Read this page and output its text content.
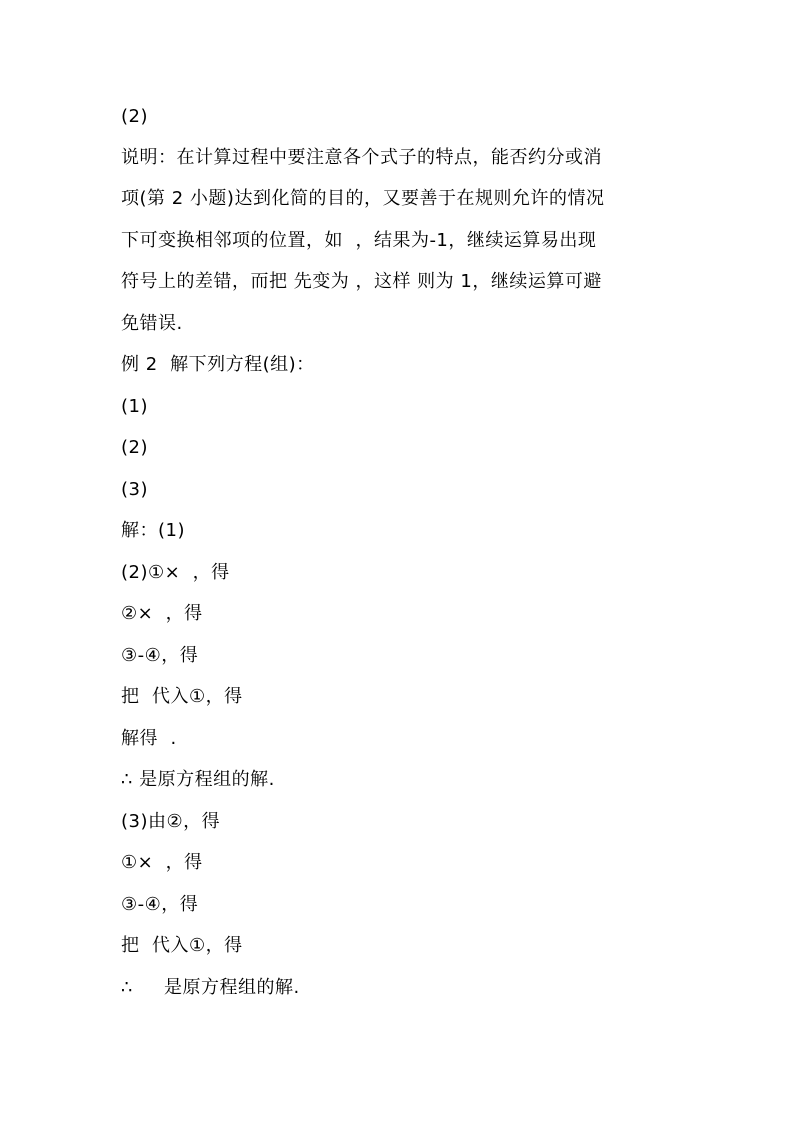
(2)
说明：在计算过程中要注意各个式子的特点，能否约分或消
项(第 2 小题)达到化简的目的，又要善于在规则允许的情况
下可变换相邻项的位置，如  ，结果为-1，继续运算易出现
符号上的差错，而把 先变为 ，这样 则为 1，继续运算可避
免错误.
例 2  解下列方程(组)：
(1)
(2)
(3)
解：(1)
(2)①×  ，得
②×  ，得
③-④，得
把  代入①，得
解得  .
∴ 是原方程组的解.
(3)由②，得
①×  ，得
③-④，得
把  代入①，得
∴     是原方程组的解.
